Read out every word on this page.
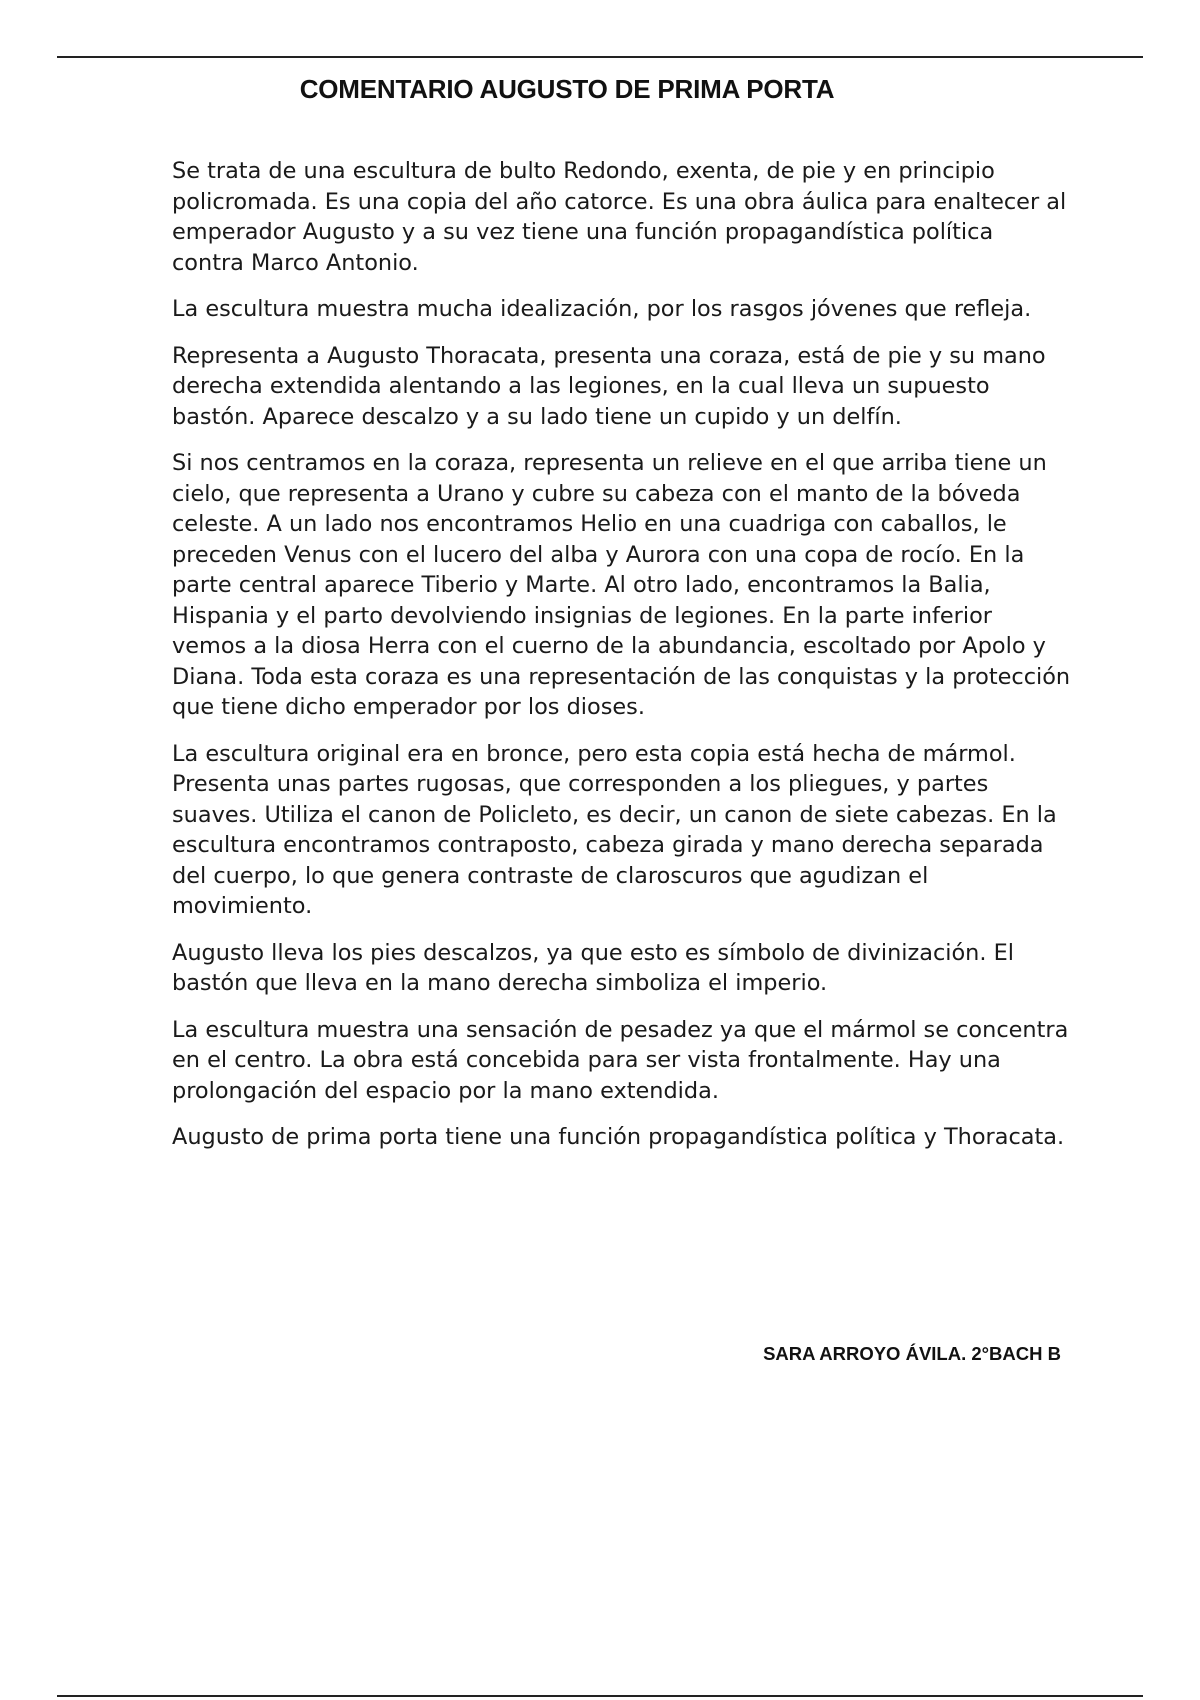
COMENTARIO AUGUSTO DE PRIMA PORTA

Se trata de una escultura de bulto Redondo, exenta, de pie y en principio policromada. Es una copia del año catorce. Es una obra áulica para enaltecer al emperador Augusto y a su vez tiene una función propagandística política contra Marco Antonio.

La escultura muestra mucha idealización, por los rasgos jóvenes que refleja.

Representa a Augusto Thoracata, presenta una coraza, está de pie y su mano derecha extendida alentando a las legiones, en la cual lleva un supuesto bastón. Aparece descalzo y a su lado tiene un cupido y un delfín.

Si nos centramos en la coraza, representa un relieve en el que arriba tiene un cielo, que representa a Urano y cubre su cabeza con el manto de la bóveda celeste. A un lado nos encontramos Helio en una cuadriga con caballos, le preceden Venus con el lucero del alba y Aurora con una copa de rocío. En la parte central aparece Tiberio y Marte. Al otro lado, encontramos la Balia, Hispania y el parto devolviendo insignias de legiones. En la parte inferior vemos a la diosa Herra con el cuerno de la abundancia, escoltado por Apolo y Diana. Toda esta coraza es una representación de las conquistas y la protección que tiene dicho emperador por los dioses.

La escultura original era en bronce, pero esta copia está hecha de mármol. Presenta unas partes rugosas, que corresponden a los pliegues, y partes suaves. Utiliza el canon de Policleto, es decir, un canon de siete cabezas. En la escultura encontramos contraposto, cabeza girada y mano derecha separada del cuerpo, lo que genera contraste de claroscuros que agudizan el movimiento.

Augusto lleva los pies descalzos, ya que esto es símbolo de divinización. El bastón que lleva en la mano derecha simboliza el imperio.

La escultura muestra una sensación de pesadez ya que el mármol se concentra en el centro. La obra está concebida para ser vista frontalmente. Hay una prolongación del espacio por la mano extendida.

Augusto de prima porta tiene una función propagandística política y Thoracata.

SARA ARROYO ÁVILA. 2°BACH B
